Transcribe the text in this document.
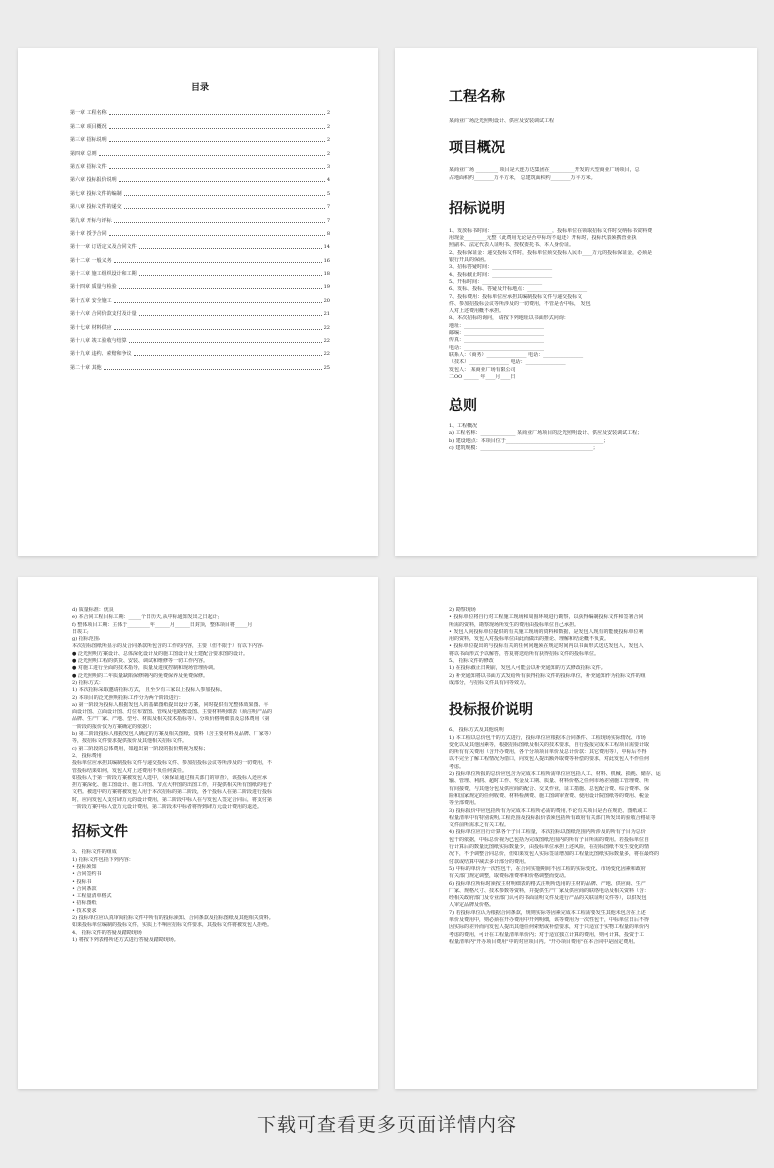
目录
第一章 工程名称	2
第二章 项目概况	2
第三章 招标说明	2
第四章 总则	2
第五章 招标文件	3
第六章 投标报价说明	4
第七章 投标文件的编制	5
第八章 投标文件的递交	7
第九章 开标与评标	7
第十章 授予合同	8
第十一章 订语定义及合同文件	14
第十二章 一般义务	16
第十三章 施工组织设计和工期	18
第十四章 质量与检验	19
第十五章 安全施工	20
第十六章 合同价款支付及计量	21
第十七章 材料供应	22
第十八章 竣工验收与结算	22
第十九章 违约、索赔和争议	22
第二十章 其他	25
工程名称

某商业广场泛光照明设计、供应及安装调试工程

项目概况

某商业广场 _________ 项目是大连万达集团在__________开发的大型商业广场项目，总

占地面积约________万平方米， 总建筑面积约________万平方米。

招标说明

1、发放标书时间：________________________，投标单位在领取招标文件时交纳标书资料费

用现金_________元整（此费用无论是否中标均不退还）开标时，投标代表须携营业执

照副本、法定代表人证明书、授权委托书、本人身份证。

2、投标保证金：递交投标文件时，投标单位须交投标人民币____万元的投标保证金，必须是

银行开具的保函。

3、招标答疑时间：________________________

4、投标截止时间：________________________

5、开标时间：________________________

6、发标、投标、答疑及开标地点：________________________

7、投标费用：投标单位应承担其编制投标文件与递交投标文

件、参加招投标会议等所涉及的一切费用，不管是否中标， 发包

人对上述费用概不承担。

8、本次招标的询问， 请按下列地址以书面形式问询：

地址：________________________________

邮编：________________________________

传真：________________________________

电话：________________________________

联系人：（商务）________________ 电话：________________

（技术）________________ 电话：________________

发包人： 某商业广场有限公司

二OO ______ 年____月____日

总则

1、工程概况

a) 工程名称：______________ 某商业广场项目的泛光照明设计、供应及安装调试工程；

b) 建设地点：本项目位于_______________________________________；

c) 建筑规模：_____________________________________________；

d) 质量标准：优良

e) 本合同工程目标工期：_____个日历天,从中标通知发出之日起计;

f) 整体项目工期：主体于_________年______月______日封顶，整体项目将_____月

日竣工;

g) 招标范围:

本次招标图纸所显示的及合同条款所包含的工作的内容，主要（但不限于）有以下内容:

● 泛光照明方案设计、总体深化设计及的施工图设计及土建配合要求图的设计。

● 泛光照明工程的供货、安装、调试和维修等一切工作内容。

● 对施工进行全面的技术指导，质量及进度控制和现场管理协调。

● 泛光照明的二年质量缺陷保修期内的免费保养及免费保修。

2) 招标方式：

1) 本次招标采取邀请招标方式， 且至少有三家以上投标人参加投标。

2) 本项目的泛光照明招标工作分为两个阶段进行：

a) 第一阶段为投标人根据发包人的基础图纸提出设计方案，同时提供有光整体效果图、平

面设计图、立面设计图、灯位布置图、管线及电路敷设图、主要材料明细表（须注明产品的

品牌、生产厂家、产地、型号、材质及相关技术指标等）、分项价格明细表及总体费用（第

一阶段的报价仅为方案确定的依据）；

b) 第二阶段投标人根据发包人确定的方案及相关图纸、资料（含主要材料及品牌、厂家等）

等，按招标文件要求提供报价及其他相关招标文件。

c) 第二阶段的总体费用，如超出第一阶段的报价则视为废标；

2、 投标费用

投标单位应承担其编制投标文件与递交投标文件、参加招投标会议等所涉及的一切费用，不

管投标结果如何，发包人对上述费用不负任何责任。

如投标人于第一阶段方案被发包人选中，（须保证通过相关部门的审查），该投标人还应承

担方案深化、施工图设计、施工详图、节点大样图的出图工作，并提供相关所有图纸的电子

文档。被选中的方案将被发包人用于本次招标的第二阶段，各个投标人在第二阶段进行投标

时，应向发包人支付肆万元的设计费用，第二阶段中标人在与发包人签定合同后，将支付第

一阶段方案中标人壹万元设计费用，第二阶段未中标者将得到肆万元设计费用的退还。

招标文件

3、 招标文件的组成

1) 招标文件包括下列内容：

• 投标须知

• 合同签约书

• 投标书

• 合同条款

• 工程量清单格式

• 招标图纸

• 技术要求

2) 投标单位应认真审阅招标文件中所有的投标须知、合同条款及招标图纸及其他相关资料。

如果投标单位编制的投标文件，实质上不响应招标文件要求，其投标文件将被发包人拒绝。

4、 招标文件的答疑及踏勘现场

1) 将按下列表格所述方式进行答疑及踏勘现场。

2) 勘察现场

• 投标单位将自行对工程施工现场和周围环境进行勘察，以获得编制投标文件和签署合同

所需的资料，勘察现场所发生的费用由投标单位自己承担。

• 发包人向投标单位提供的有关施工现场的资料和数据，是发包人现有的能使投标单位利

用的资料，发包人对投标单位由此而做出的推论、理解和结论概不负责。

• 投标单位提出的与投标有关的任何问题须在规定时间内以书面形式送达发包人，发包人

将以书面形式予以解答，答复将送给所有获得招标文件的投标单位。

5、 招标文件的修改

1) 在投标截止日期前，发包人可能会以补充通知的方式修改招标文件。

2) 补充通知将以书面方式发给所有获得招标文件的投标单位，补充通知作为招标文件的组

成部分，与招标文件具有同等效力。

投标报价说明

6、 投标方式及其他说明

1) 本工程以总价包干的方式进行，投标单位应根据本合同条件、工程现场实际情况、市场

变化以及其他因素等，根据招标图纸及相关的技术要求，自行投报完成本工程项目需要计取

的所有有关费用（含开办费用，各个分项项目单价及总计价款：其它费用等），中标后不得

以不完全了解工程情况为借口，向发包人提出额外取费等补偿的要求，对此发包人不作任何

考虑。

2) 投标单位所报的总价应包含为完成本工程所需单位应包括人工、材料、机械、损耗、储存、运

输、管理、利润、超时工作、奖金及工期、质量、材料价格之任何市场差别施工管理费、所

有间接费，与其他分包及供应商的配合、交叉作业，证工措施、总包配合费、综合费率、保

险和国家规定的任何收费、材料检测费、施工图调审查费、使用设计院图纸等的费用、税金

等全部费用。

3) 投标报价中应包括所有为完成本工程所必需的费用,不论有关项目是否在规范、图纸或工

程量清单中有特别说明,工程范围及投标报价表须包括所有政府有关部门所发出的验收合格证等

文件前所需求之有关工程。

4) 投标单位应自行计算各个子目工程量，本次招标以图纸范围内所涉及的所有子目为总价

包干的依据，中标总价视为已包括为完成图纸范围内的所有子目所需的费用。若投标单位自

行计算后的数量比图纸实际数量少，由投标单位承担上述风险，在招标图纸不发生变化的情

况下，不予调整合同总价，但如果发包人实际签证增加的工程量比图纸实际数量多，将在最终的

付款或结算中减去多计部分的费用。

5) 中标的单价为一次性包干，在合同实施期间不因工程的实际变化、市场变化因素和政府

有关部门规定调整，取费标准费率和价格调整而变动。

6) 投标单位所标时须按主材明细表的格式注明所选用的主材的品牌、产地、供应商、生产

厂家、规格尺寸、技术参数等资料，并提供生产厂家及供应商的联络电话及相关资料（含：

经相关政府部门及专业部门认可的书面证明文件及进行产品的关联证明文件等），以供发包

人审定品牌及价格。

7) 若投标单位认为根据合同条款，规则实际等因素完成本工程需要发生其他未包含在上述

单价及费用中，则必须在开办费用中开列明细，该等费用为一次性包干，中标单位日后不得

因实际的差异而向发包人提出其他任何索赔或补偿要求，对于只适宜于实物工程量的单价内

考虑的费用，可计在工程量清单单价内；对于适宜独立计算的费用，则可计算，投资于工

程量清单内"开办项目费用"中的对应项目内。"开办项目费用"在本合同中是固定费用。

下载可查看更多页面详情内容
